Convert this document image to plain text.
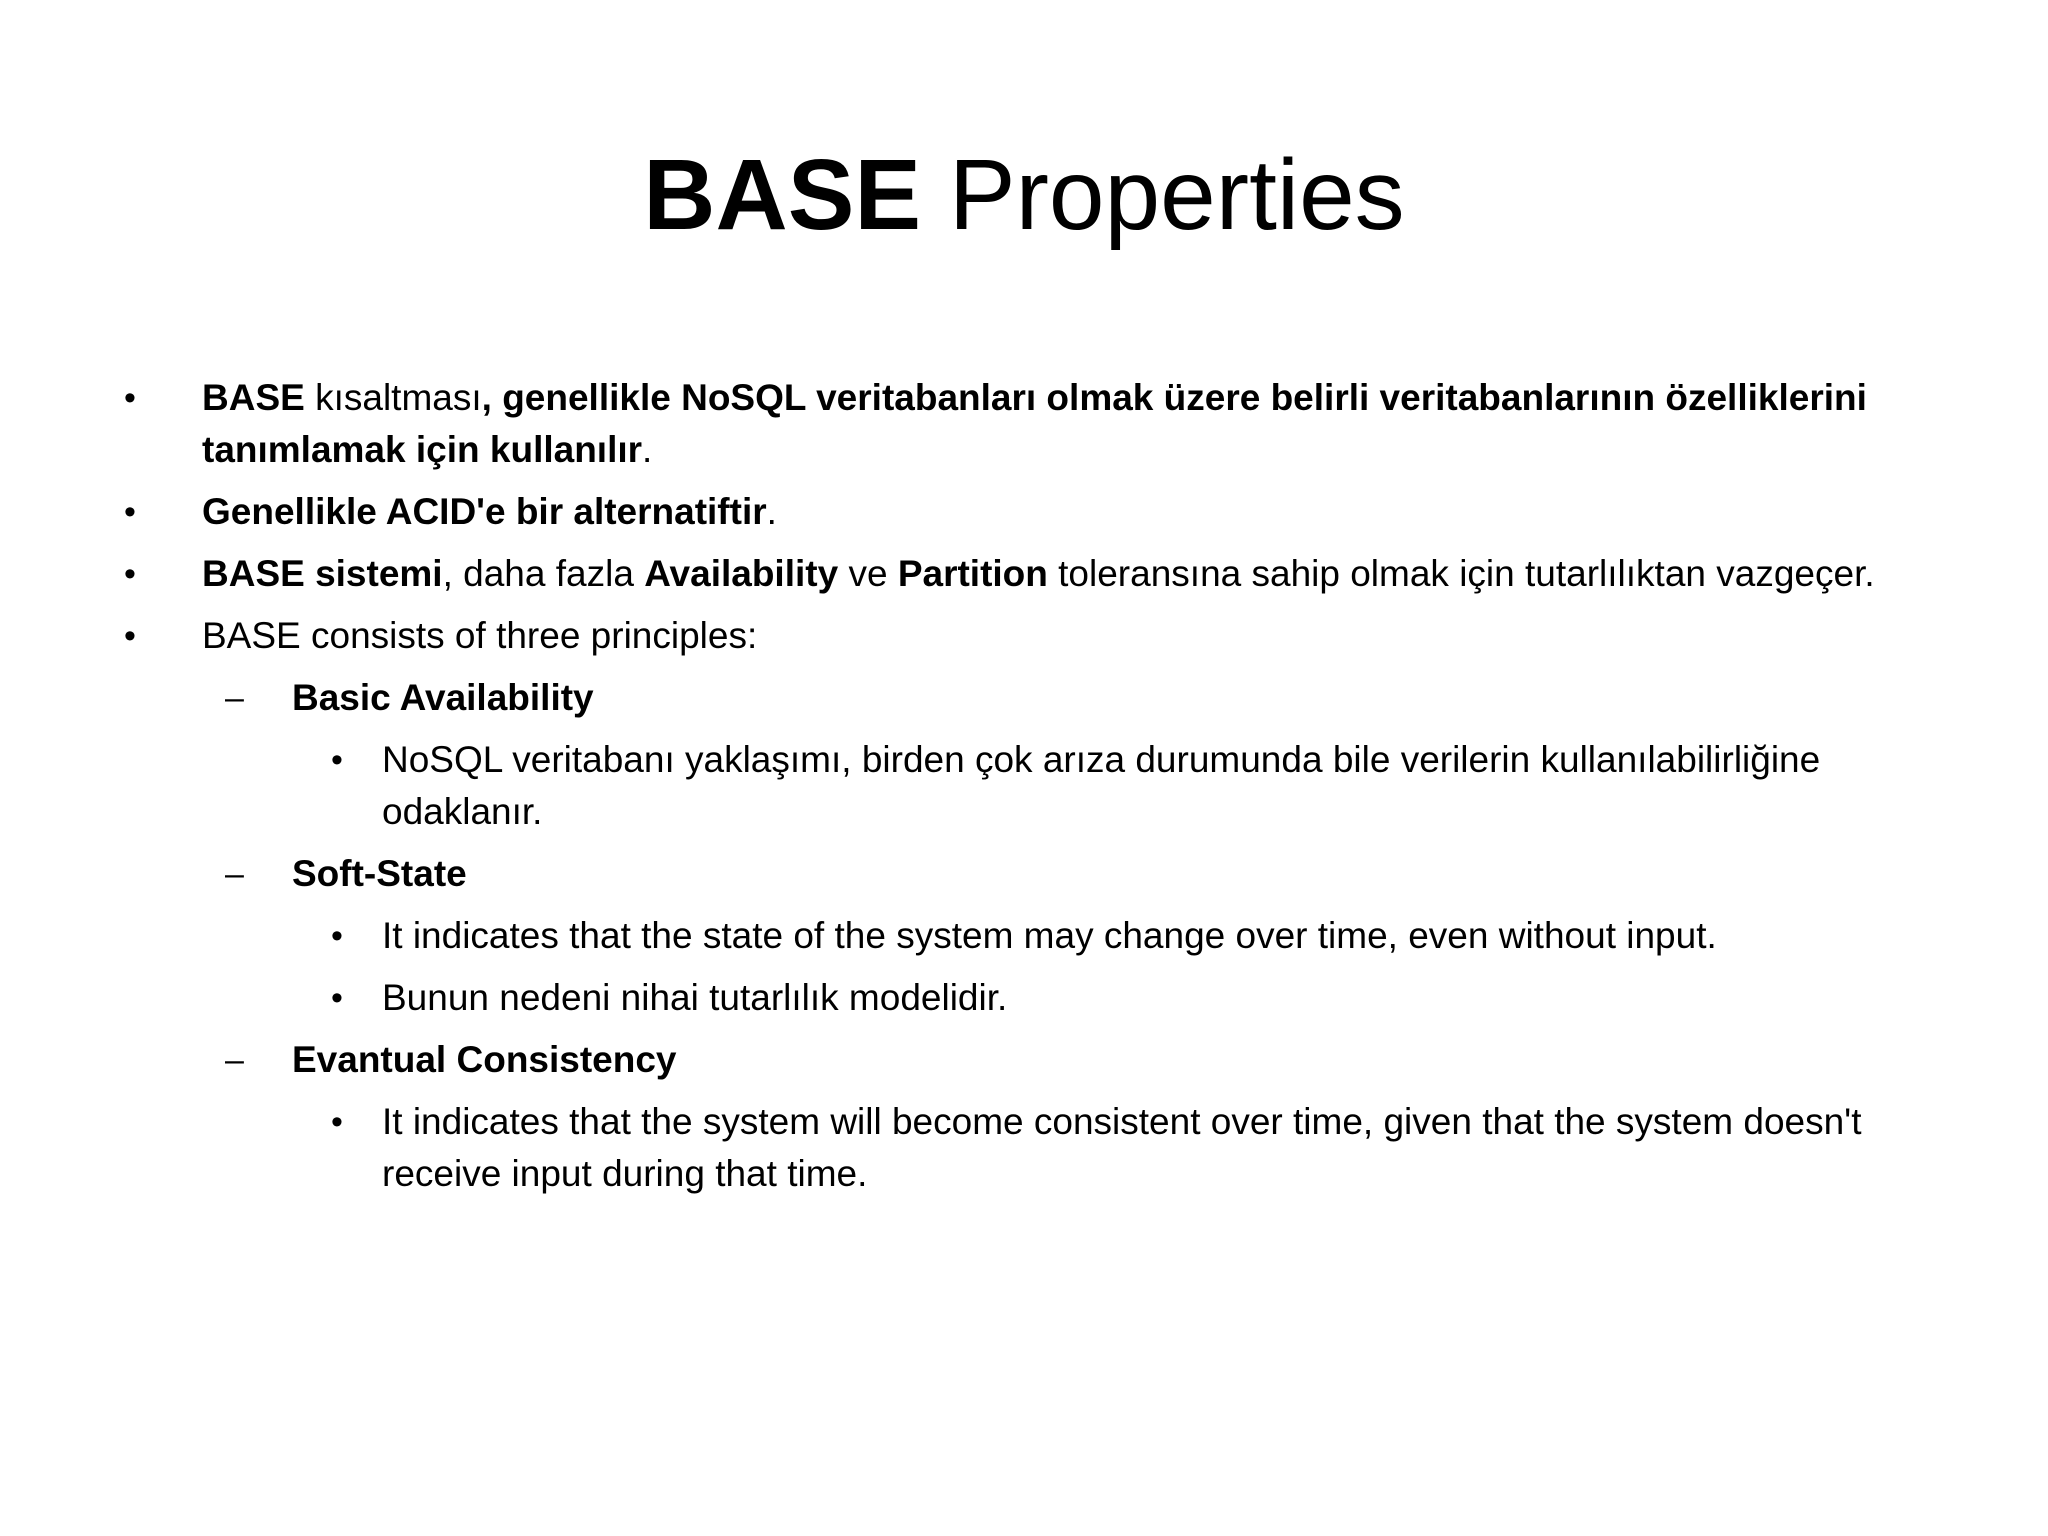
BASE Properties
• BASE kısaltması, genellikle NoSQL veritabanları olmak üzere belirli veritabanlarının özelliklerini
tanımlamak için kullanılır.
• Genellikle ACID'e bir alternatiftir.
• BASE sistemi, daha fazla Availability ve Partition toleransına sahip olmak için tutarlılıktan vazgeçer.
• BASE consists of three principles:
– Basic Availability
• NoSQL veritabanı yaklaşımı, birden çok arıza durumunda bile verilerin kullanılabilirliğine
odaklanır.
– Soft-State
• It indicates that the state of the system may change over time, even without input.
• Bunun nedeni nihai tutarlılık modelidir.
– Evantual Consistency
• It indicates that the system will become consistent over time, given that the system doesn't
receive input during that time.
